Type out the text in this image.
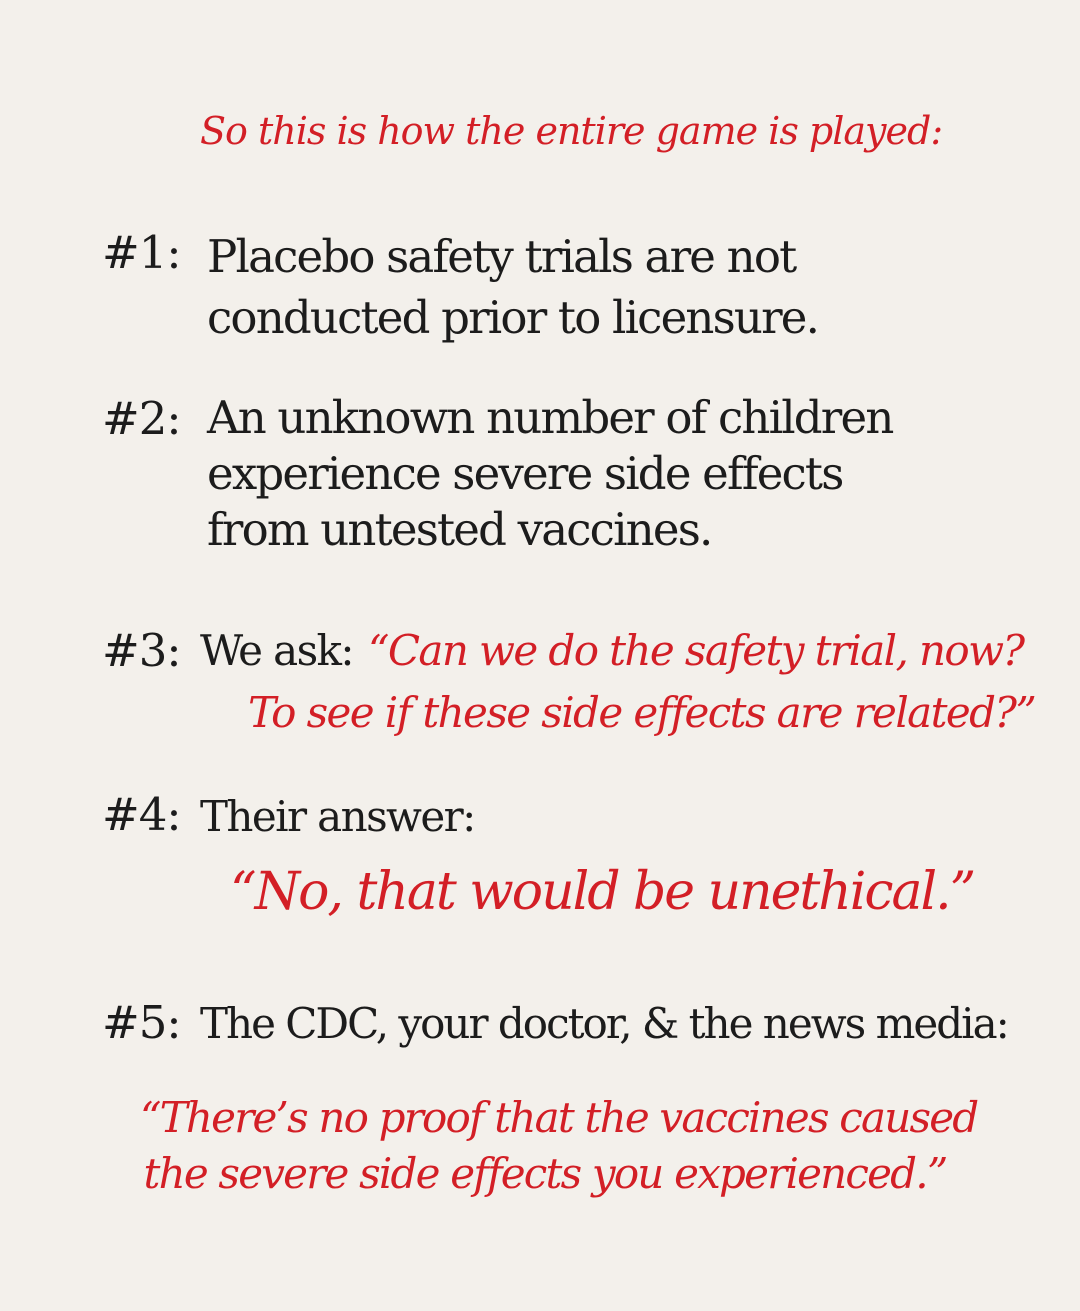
So this is how the entire game is played:

#1: Placebo safety trials are not
conducted prior to licensure.
#2: An unknown number of children
experience severe side effects
from untested vaccines.
#3: We ask: “Can we do the safety trial, now?
To see if these side effects are related?”
#4: Their answer:
“No, that would be unethical.”
#5: The CDC, your doctor, & the news media:
“There’s no proof that the vaccines caused
the severe side effects you experienced.”
